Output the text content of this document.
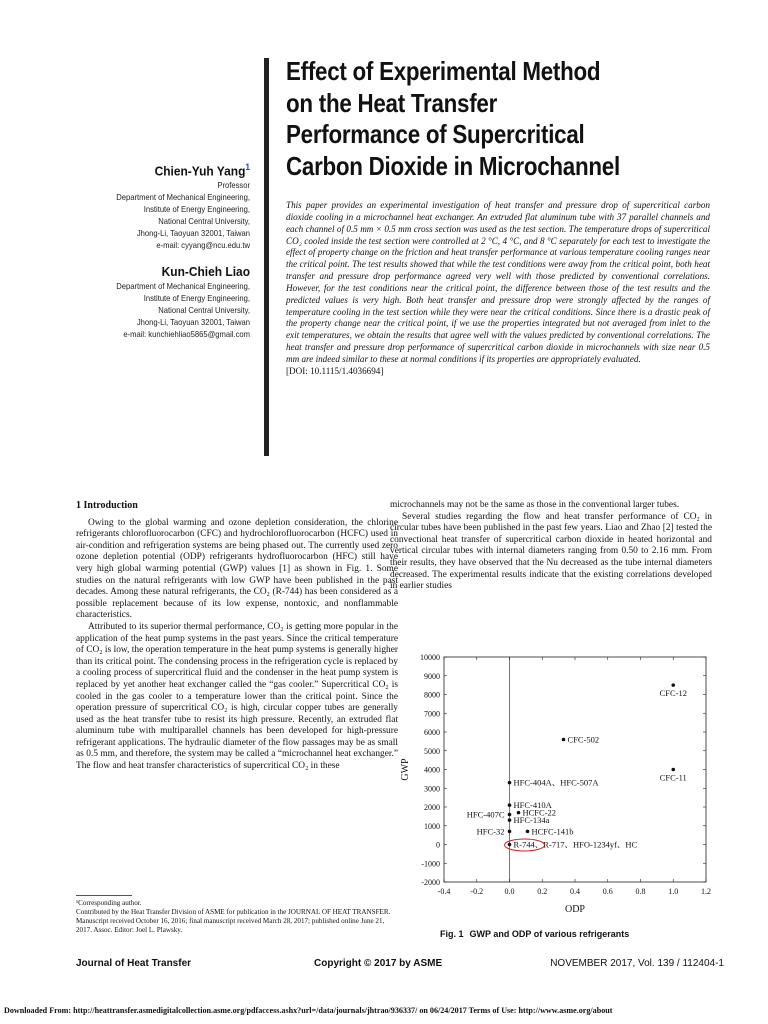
Effect of Experimental Method
on the Heat Transfer
Performance of Supercritical
Carbon Dioxide in Microchannel
Chien-Yuh Yang$^1$
Professor
Department of Mechanical Engineering,
Institute of Energy Engineering,
National Central University,
Jhong-Li, Taoyuan 32001, Taiwan
e-mail: cyyang@ncu.edu.tw
Kun-Chieh Liao
Department of Mechanical Engineering,
Institute of Energy Engineering,
National Central University,
Jhong-Li, Taoyuan 32001, Taiwan
e-mail: kunchiehliao5865@gmail.com
This paper provides an experimental investigation of heat transfer and pressure drop of supercritical carbon dioxide cooling in a microchannel heat exchanger. An extruded flat aluminum tube with 37 parallel channels and each channel of 0.5 mm × 0.5 mm cross section was used as the test section. The temperature drops of supercritical CO₂ cooled inside the test section were controlled at 2 °C, 4 °C, and 8 °C separately for each test to investigate the effect of property change on the friction and heat transfer performance at various temperature cooling ranges near the critical point. The test results showed that while the test conditions were away from the critical point, both heat transfer and pressure drop performance agreed very well with those predicted by conventional correlations. However, for the test conditions near the critical point, the difference between those of the test results and the predicted values is very high. Both heat transfer and pressure drop were strongly affected by the ranges of temperature cooling in the test section while they were near the critical conditions. Since there is a drastic peak of the property change near the critical point, if we use the properties integrated but not averaged from inlet to the exit temperatures, we obtain the results that agree well with the values predicted by conventional correlations. The heat transfer and pressure drop performance of supercritical carbon dioxide in microchannels with size near 0.5 mm are indeed similar to these at normal conditions if its properties are appropriately evaluated.
[DOI: 10.1115/1.4036694]
1 Introduction

Owing to the global warming and ozone depletion consideration, the chlorine refrigerants chlorofluorocarbon (CFC) and hydrochlorofluorocarbon (HCFC) used in air-condition and refrigeration systems are being phased out. The currently used zero ozone depletion potential (ODP) refrigerants hydrofluorocarbon (HFC) still have very high global warming potential (GWP) values [1] as shown in Fig. 1. Some studies on the natural refrigerants with low GWP have been published in the past decades. Among these natural refrigerants, the CO₂ (R-744) has been considered as a possible replacement because of its low expense, nontoxic, and nonflammable characteristics.

Attributed to its superior thermal performance, CO₂ is getting more popular in the application of the heat pump systems in the past years. Since the critical temperature of CO₂ is low, the operation temperature in the heat pump systems is generally higher than its critical point. The condensing process in the refrigeration cycle is replaced by a cooling process of supercritical fluid and the condenser in the heat pump system is replaced by yet another heat exchanger called the “gas cooler.” Supercritical CO₂ is cooled in the gas cooler to a temperature lower than the critical point. Since the operation pressure of supercritical CO₂ is high, circular copper tubes are generally used as the heat transfer tube to resist its high pressure. Recently, an extruded flat aluminum tube with multiparallel channels has been developed for high-pressure refrigerant applications. The hydraulic diameter of the flow passages may be as small as 0.5 mm, and therefore, the system may be called a “microchannel heat exchanger.” The flow and heat transfer characteristics of supercritical CO₂ in these

microchannels may not be the same as those in the conventional larger tubes.

Several studies regarding the flow and heat transfer performance of CO₂ in circular tubes have been published in the past few years. Liao and Zhao [2] tested the convectional heat transfer of supercritical carbon dioxide in heated horizontal and vertical circular tubes with internal diameters ranging from 0.50 to 2.16 mm. From their results, they have observed that the Nu decreased as the tube internal diameters decreased. The experimental results indicate that the existing correlations developed in earlier studies

-2000
-1000
0
1000
2000
3000
4000
5000
6000
7000
8000
9000
10000
-0.4	-0.2	0.0	0.2	0.4	0.6	0.8	1.0	1.2
CFC-12
CFC-502
CFC-11
HFC-404A、HFC-507A
HFC-410A
HFC-407C HCFC-22
HFC-134a
HFC-32	HCFC-141b
R-744、R-717、HFO-1234yf、HC
ODP
GWP
Fig. 1 GWP and ODP of various refrigerants
¹Corresponding author.
Contributed by the Heat Transfer Division of ASME for publication in the JOURNAL OF HEAT TRANSFER. Manuscript received October 16, 2016; final manuscript received March 28, 2017; published online June 21, 2017. Assoc. Editor: Joel L. Plawsky.
Journal of Heat Transfer	Copyright © 2017 by ASME	NOVEMBER 2017, Vol. 139 / 112404-1
Downloaded From: http://heattransfer.asmedigitalcollection.asme.org/pdfaccess.ashx?url=/data/journals/jhtrao/936337/ on 06/24/2017 Terms of Use: http://www.asme.org/about
